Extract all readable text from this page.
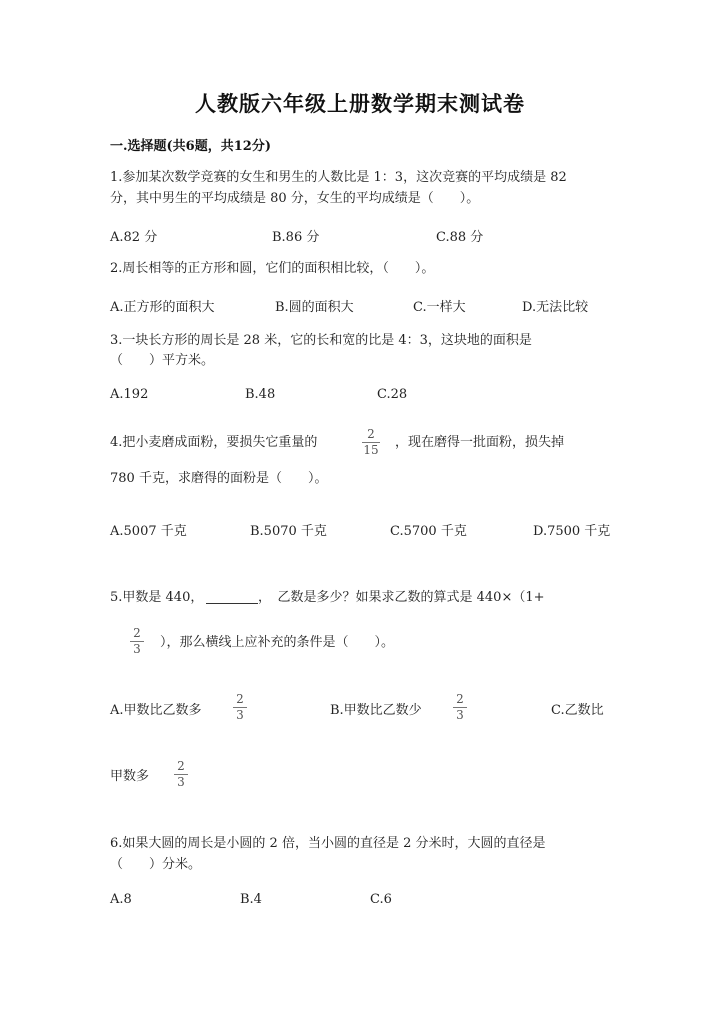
人教版六年级上册数学期末测试卷
一.选择题(共6题，共12分)
1.参加某次数学竞赛的女生和男生的人数比是 1：3，这次竞赛的平均成绩是 82
分，其中男生的平均成绩是 80 分，女生的平均成绩是（　　）。
A.82 分	B.86 分	C.88 分
2.周长相等的正方形和圆，它们的面积相比较，（　　）。
A.正方形的面积大	B.圆的面积大	C.一样大	D.无法比较
3.一块长方形的周长是 28 米，它的长和宽的比是 4：3，这块地的面积是
（　　）平方米。
A.192	B.48	C.28
4.把小麦磨成面粉，要损失它重量的
2
15 ，现在磨得一批面粉，损失掉
780 千克，求磨得的面粉是（　　）。
A.5007 千克	B.5070 千克	C.5700 千克	D.7500 千克
5.甲数是 440，	，　乙数是多少？如果求乙数的算式是 440×（1+
2
3 ），那么横线上应补充的条件是（　　）。
A.甲数比乙数多
2
3	B.甲数比乙数少
2
3	C.乙数比
甲数多
2
3
6.如果大圆的周长是小圆的 2 倍，当小圆的直径是 2 分米时，大圆的直径是
（　　）分米。
A.8	B.4	C.6
